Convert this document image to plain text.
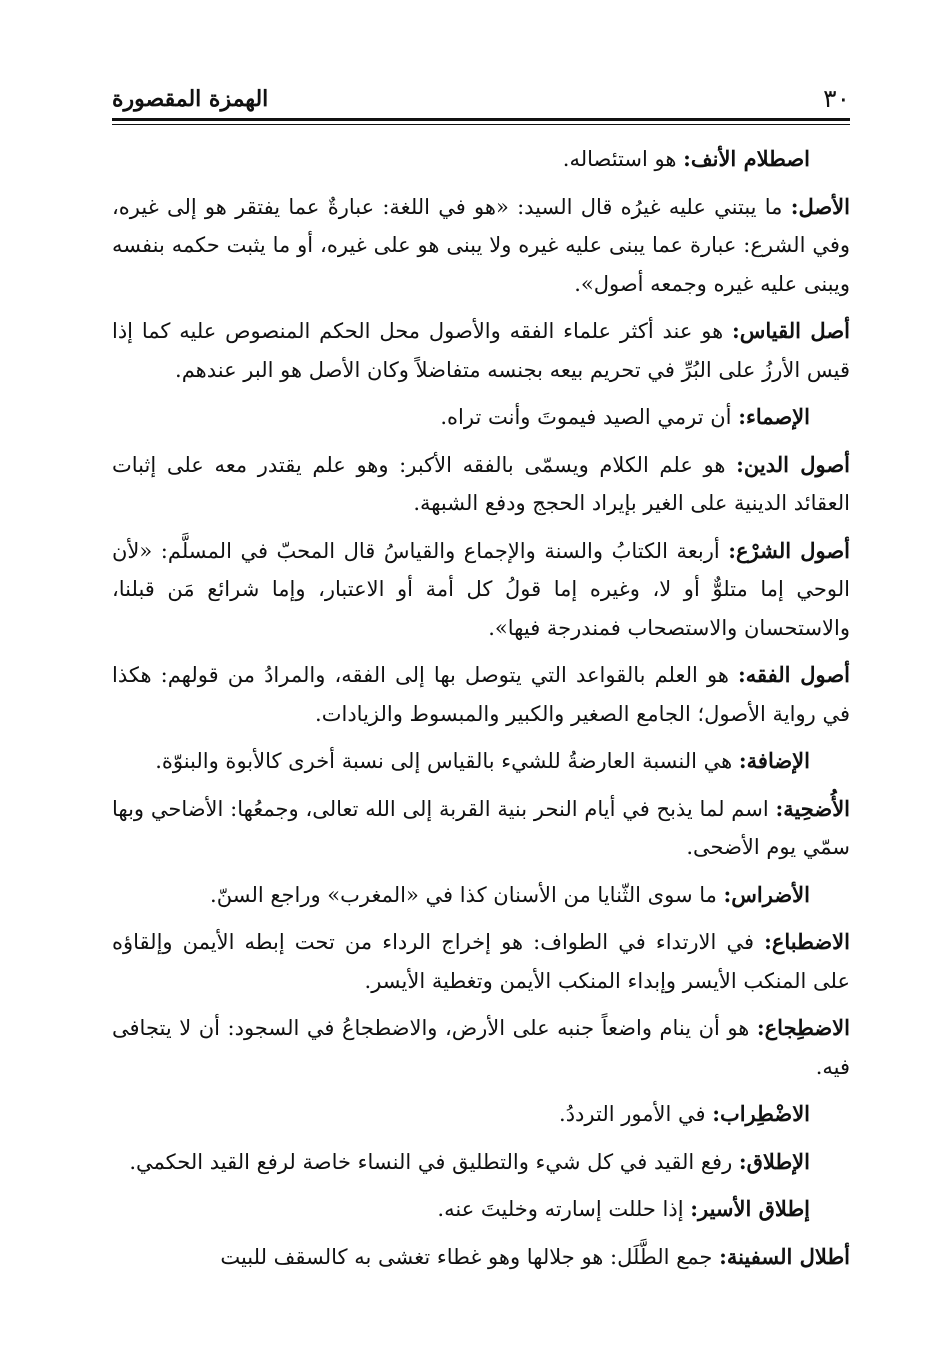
٣٠
الهمزة المقصورة

اصطلام الأنف: هو استئصاله.

الأصل: ما يبتني عليه غيرُه قال السيد: «هو في اللغة: عبارةٌ عما يفتقر هو إلى غيره، وفي الشرع: عبارة عما يبنى عليه غيره ولا يبنى هو على غيره، أو ما يثبت حكمه بنفسه ويبنى عليه غيره وجمعه أصول».

أصل القياس: هو عند أكثر علماء الفقه والأصول محل الحكم المنصوص عليه كما إذا قيس الأرزُ على البُرِّ في تحريم بيعه بجنسه متفاضلاً وكان الأصل هو البر عندهم.

الإصماء: أن ترمي الصيد فيموتَ وأنت تراه.

أصول الدين: هو علم الكلام ويسمّى بالفقه الأكبر: وهو علم يقتدر معه على إثبات العقائد الدينية على الغير بإيراد الحجج ودفع الشبهة.

أصول الشرْع: أربعة الكتابُ والسنة والإجماع والقياسُ قال المحبّ في المسلَّم: «لأن الوحي إما متلوٌّ أو لا، وغيره إما قولُ كل أمة أو الاعتبار، وإما شرائع مَن قبلنا، والاستحسان والاستصحاب فمندرجة فيها».

أصول الفقه: هو العلم بالقواعد التي يتوصل بها إلى الفقه، والمرادُ من قولهم: هكذا في رواية الأصول؛ الجامع الصغير والكبير والمبسوط والزيادات.

الإضافة: هي النسبة العارضةُ للشيء بالقياس إلى نسبة أخرى كالأبوة والبنوّة.

الأُضحِية: اسم لما يذبح في أيام النحر بنية القربة إلى الله تعالى، وجمعُها: الأضاحي وبها سمّي يوم الأضحى.

الأضراس: ما سوى الثّنايا من الأسنان كذا في «المغرب» وراجع السنّ.

الاضطباع: في الارتداء في الطواف: هو إخراج الرداء من تحت إبطه الأيمن وإلقاؤه على المنكب الأيسر وإبداء المنكب الأيمن وتغطية الأيسر.

الاضطِجاع: هو أن ينام واضعاً جنبه على الأرض، والاضطجاعُ في السجود: أن لا يتجافى فيه.

الاضْطِراب: في الأمور الترددُ.

الإطلاق: رفع القيد في كل شيء والتطليق في النساء خاصة لرفع القيد الحكمي.

إطلاق الأسير: إذا حللت إسارته وخليتَ عنه.

أطلال السفينة: جمع الطَّلَل: هو جلالها وهو غطاء تغشى به كالسقف للبيت
